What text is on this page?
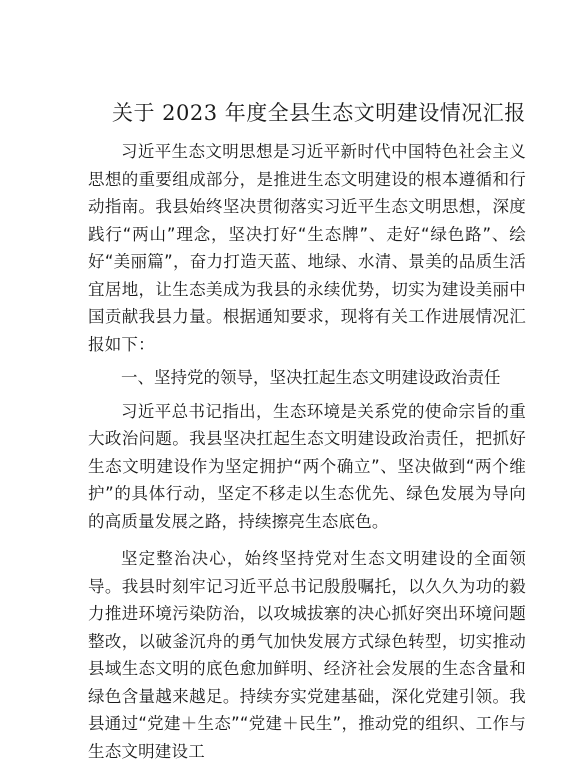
关于 2023 年度全县生态文明建设情况汇报

习近平生态文明思想是习近平新时代中国特色社会主义思想的重要组成部分，是推进生态文明建设的根本遵循和行动指南。我县始终坚决贯彻落实习近平生态文明思想，深度践行“两山”理念，坚决打好“生态牌”、走好“绿色路”、绘好“美丽篇”，奋力打造天蓝、地绿、水清、景美的品质生活宜居地，让生态美成为我县的永续优势，切实为建设美丽中国贡献我县力量。根据通知要求，现将有关工作进展情况汇报如下：

一、坚持党的领导，坚决扛起生态文明建设政治责任

习近平总书记指出，生态环境是关系党的使命宗旨的重大政治问题。我县坚决扛起生态文明建设政治责任，把抓好生态文明建设作为坚定拥护“两个确立”、坚决做到“两个维护”的具体行动，坚定不移走以生态优先、绿色发展为导向的高质量发展之路，持续擦亮生态底色。

坚定整治决心，始终坚持党对生态文明建设的全面领导。我县时刻牢记习近平总书记殷殷嘱托，以久久为功的毅力推进环境污染防治，以攻城拔寨的决心抓好突出环境问题整改，以破釜沉舟的勇气加快发展方式绿色转型，切实推动县域生态文明的底色愈加鲜明、经济社会发展的生态含量和绿色含量越来越足。持续夯实党建基础，深化党建引领。我县通过“党建＋生态”“党建＋民生”，推动党的组织、工作与生态文明建设工
